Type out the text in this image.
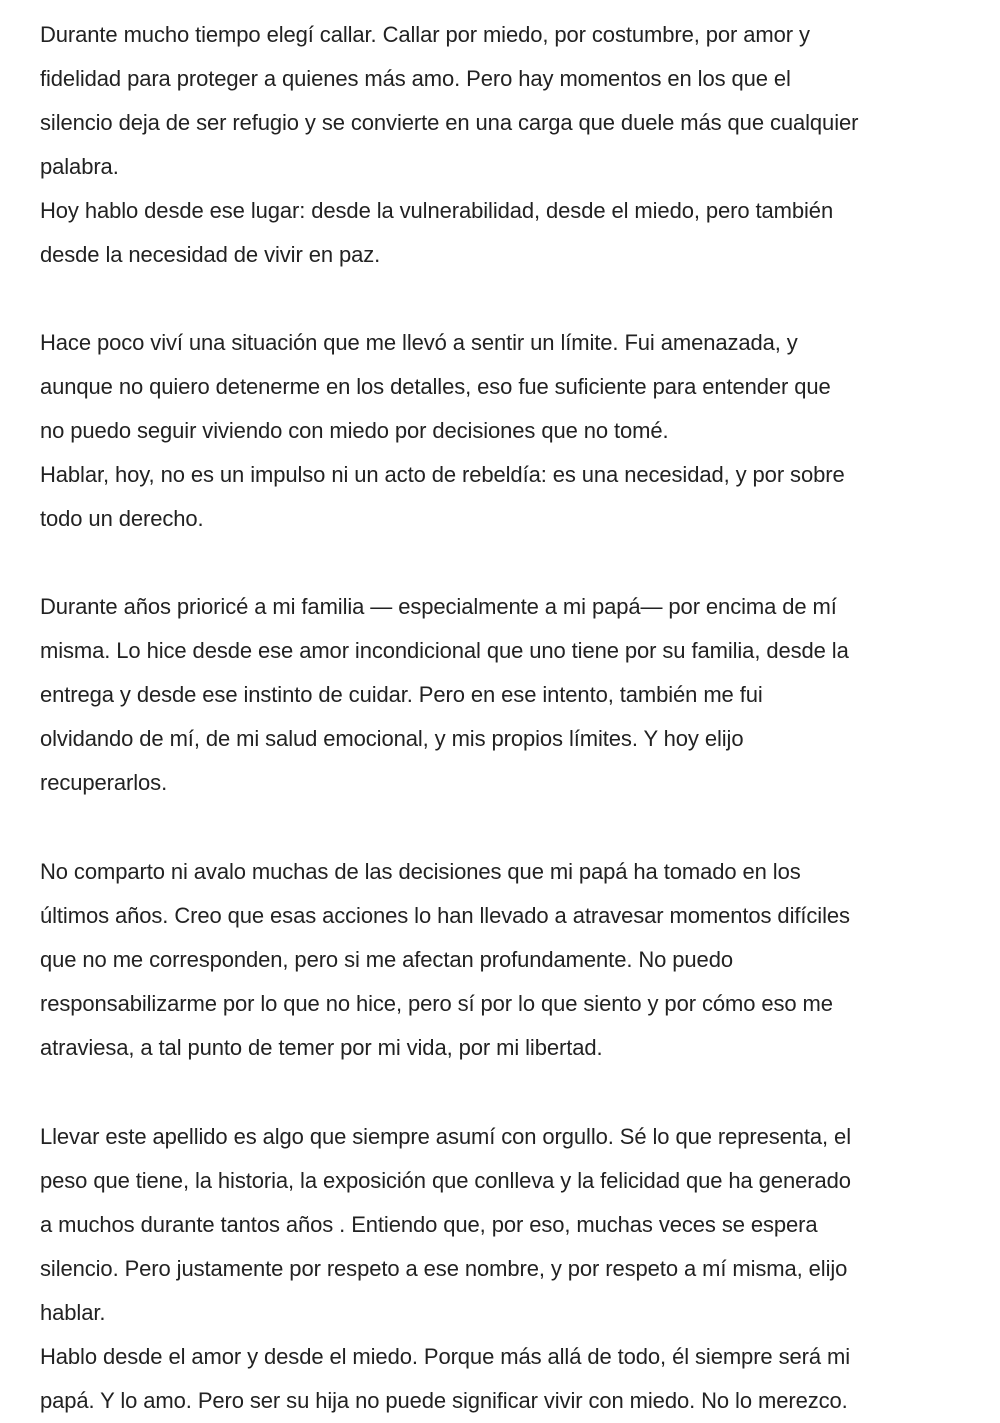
Durante mucho tiempo elegí callar. Callar por miedo, por costumbre, por amor y
fidelidad para proteger a quienes más amo. Pero hay momentos en los que el
silencio deja de ser refugio y se convierte en una carga que duele más que cualquier
palabra.
Hoy hablo desde ese lugar: desde la vulnerabilidad, desde el miedo, pero también
desde la necesidad de vivir en paz.
Hace poco viví una situación que me llevó a sentir un límite. Fui amenazada, y
aunque no quiero detenerme en los detalles, eso fue suficiente para entender que
no puedo seguir viviendo con miedo por decisiones que no tomé.
Hablar, hoy, no es un impulso ni un acto de rebeldía: es una necesidad, y por sobre
todo un derecho.
Durante años prioricé a mi familia — especialmente a mi papá— por encima de mí
misma. Lo hice desde ese amor incondicional que uno tiene por su familia, desde la
entrega y desde ese instinto de cuidar. Pero en ese intento, también me fui
olvidando de mí, de mi salud emocional, y mis propios límites. Y hoy elijo
recuperarlos.
No comparto ni avalo muchas de las decisiones que mi papá ha tomado en los
últimos años. Creo que esas acciones lo han llevado a atravesar momentos difíciles
que no me corresponden, pero si me afectan profundamente. No puedo
responsabilizarme por lo que no hice, pero sí por lo que siento y por cómo eso me
atraviesa, a tal punto de temer por mi vida, por mi libertad.
Llevar este apellido es algo que siempre asumí con orgullo. Sé lo que representa, el
peso que tiene, la historia, la exposición que conlleva y la felicidad que ha generado
a muchos durante tantos años . Entiendo que, por eso, muchas veces se espera
silencio. Pero justamente por respeto a ese nombre, y por respeto a mí misma, elijo
hablar.
Hablo desde el amor y desde el miedo. Porque más allá de todo, él siempre será mi
papá. Y lo amo. Pero ser su hija no puede significar vivir con miedo. No lo merezco.
